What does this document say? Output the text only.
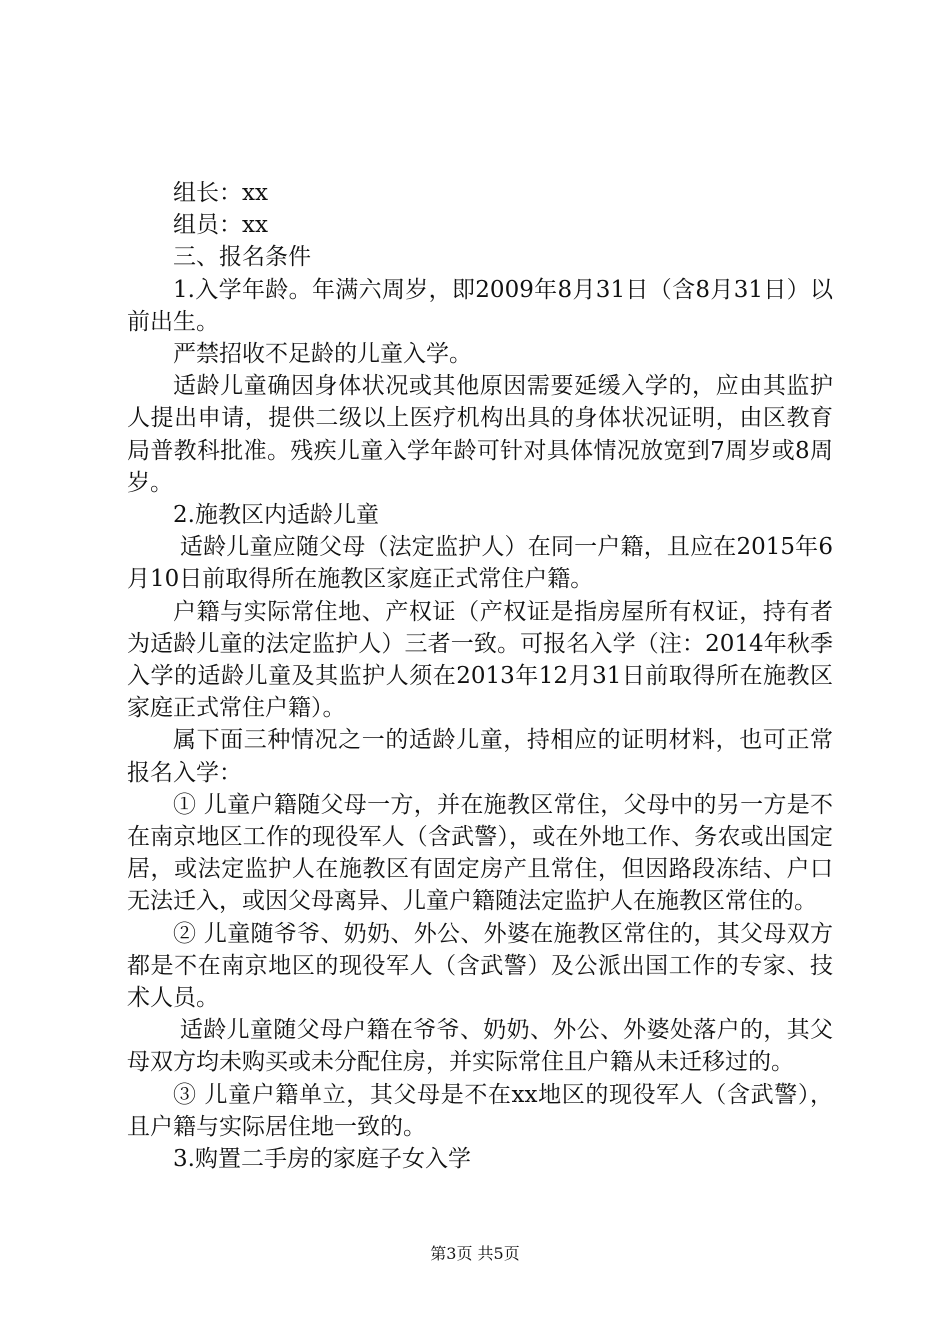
组长：xx

组员：xx

三、报名条件

1.入学年龄。年满六周岁，即2009年8月31日（含8月31日）以前出生。

严禁招收不足龄的儿童入学。

适龄儿童确因身体状况或其他原因需要延缓入学的，应由其监护人提出申请，提供二级以上医疗机构出具的身体状况证明，由区教育局普教科批准。残疾儿童入学年龄可针对具体情况放宽到7周岁或8周岁。

2.施教区内适龄儿童

适龄儿童应随父母（法定监护人）在同一户籍，且应在2015年6月10日前取得所在施教区家庭正式常住户籍。

户籍与实际常住地、产权证（产权证是指房屋所有权证，持有者为适龄儿童的法定监护人）三者一致。可报名入学（注：2014年秋季入学的适龄儿童及其监护人须在2013年12月31日前取得所在施教区家庭正式常住户籍）。

属下面三种情况之一的适龄儿童，持相应的证明材料，也可正常报名入学：

① 儿童户籍随父母一方，并在施教区常住，父母中的另一方是不在南京地区工作的现役军人（含武警），或在外地工作、务农或出国定居，或法定监护人在施教区有固定房产且常住，但因路段冻结、户口无法迁入，或因父母离异、儿童户籍随法定监护人在施教区常住的。

② 儿童随爷爷、奶奶、外公、外婆在施教区常住的，其父母双方都是不在南京地区的现役军人（含武警）及公派出国工作的专家、技术人员。

适龄儿童随父母户籍在爷爷、奶奶、外公、外婆处落户的，其父母双方均未购买或未分配住房，并实际常住且户籍从未迁移过的。

③ 儿童户籍单立，其父母是不在xx地区的现役军人（含武警），且户籍与实际居住地一致的。

3.购置二手房的家庭子女入学

第3页 共5页
